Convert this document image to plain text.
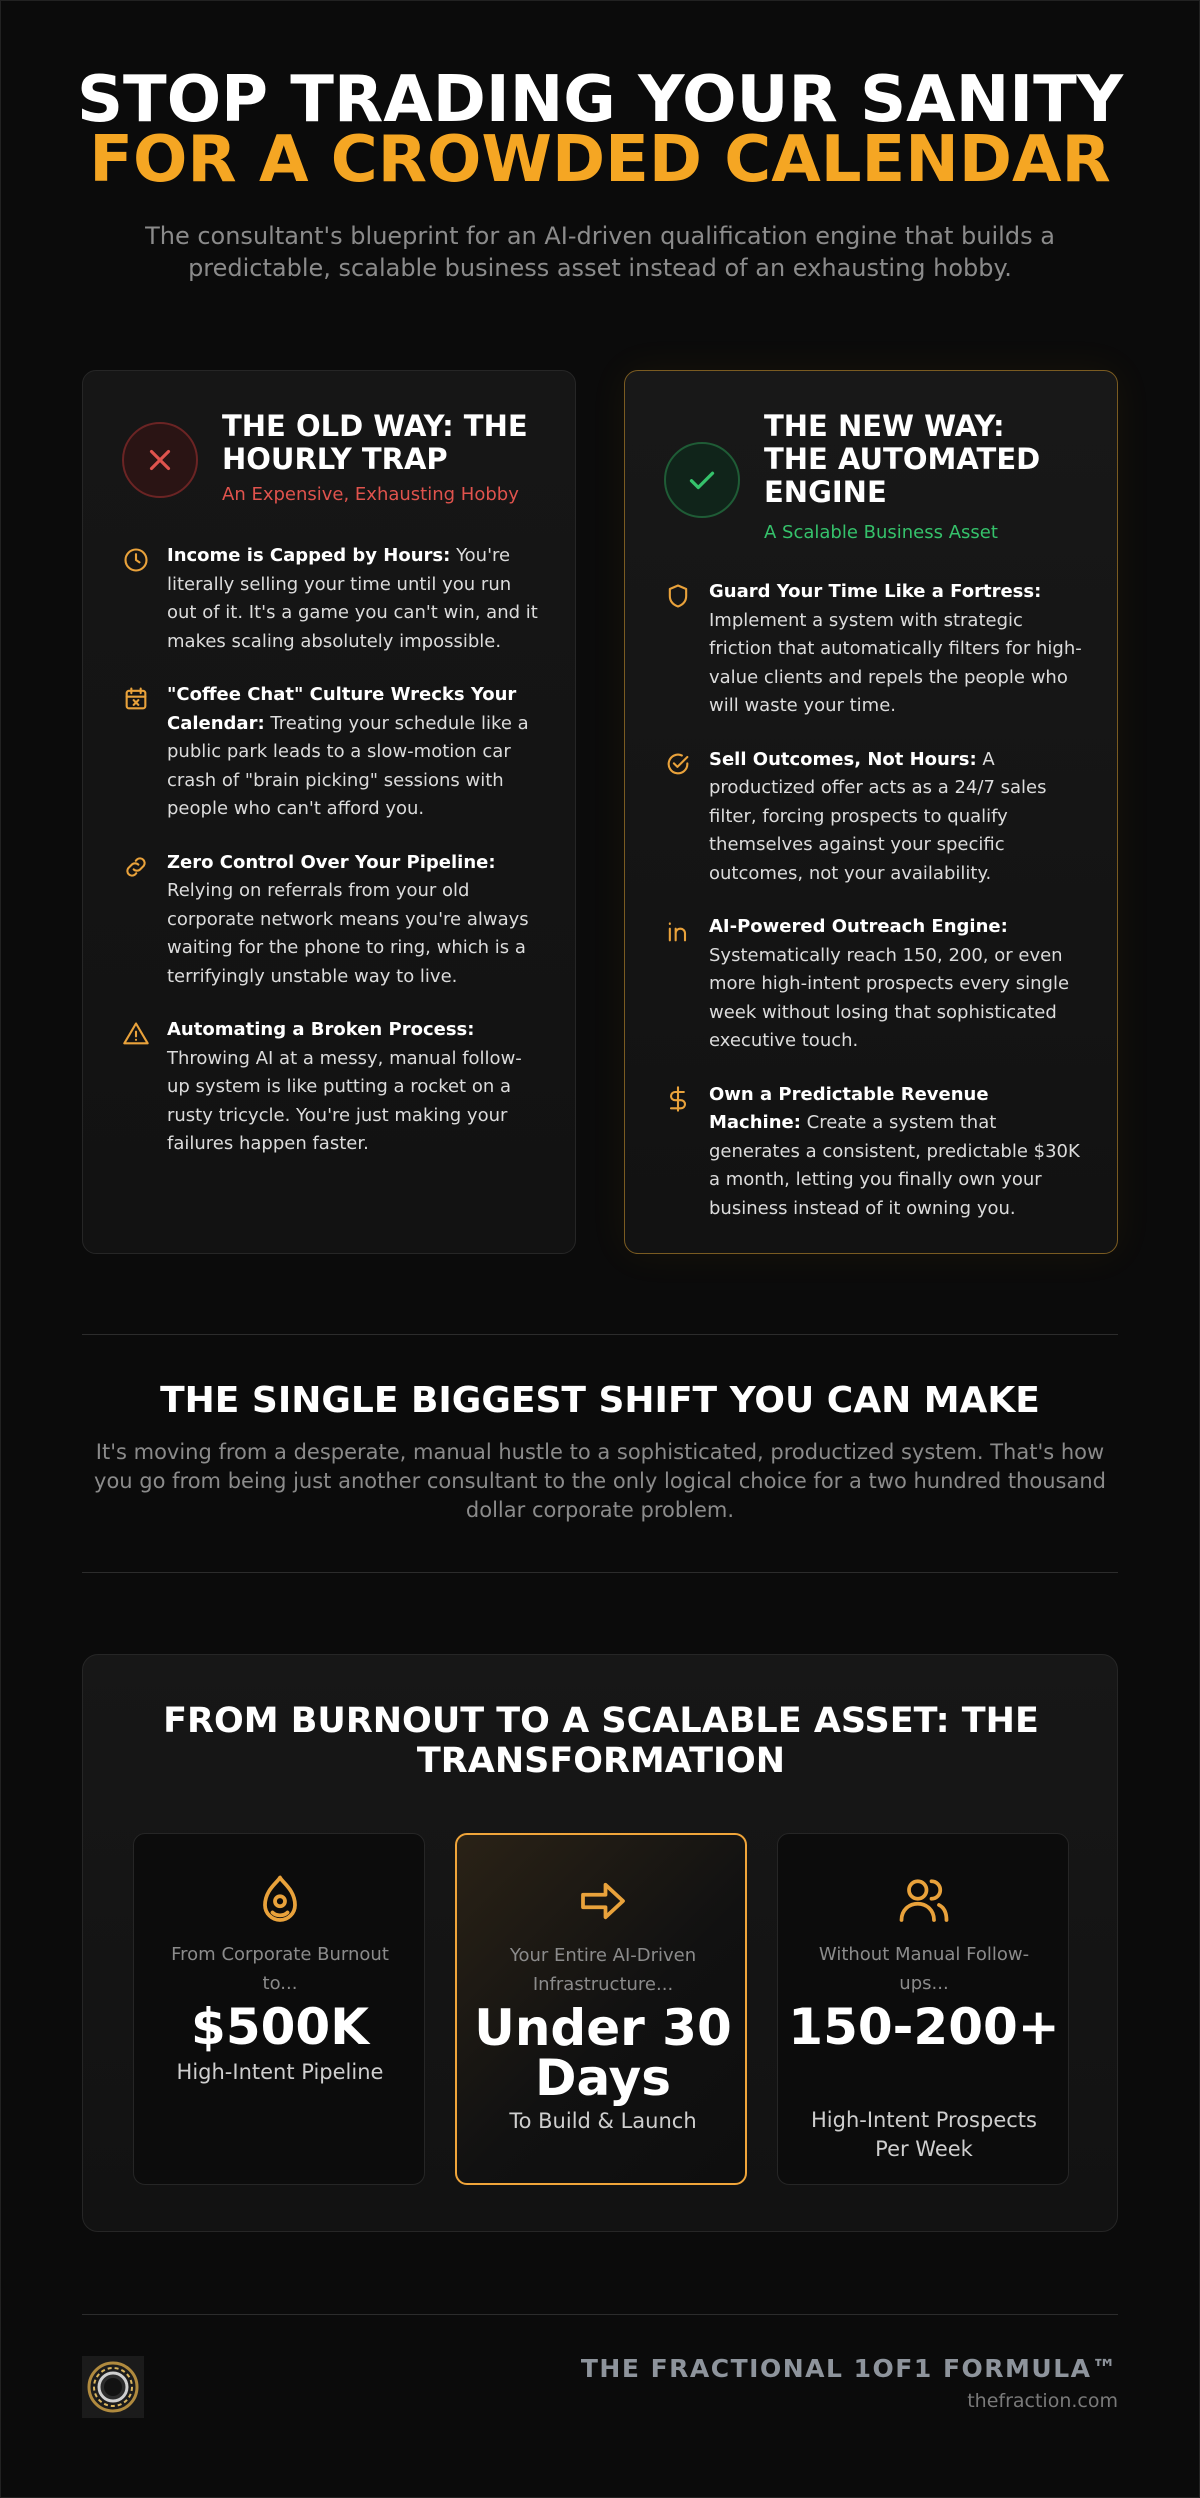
STOP TRADING YOUR SANITY
FOR A CROWDED CALENDAR

The consultant's blueprint for an AI-driven qualification engine that builds a predictable, scalable business asset instead of an exhausting hobby.

THE OLD WAY: THE HOURLY TRAP
An Expensive, Exhausting Hobby
Income is Capped by Hours: You're literally selling your time until you run out of it. It's a game you can't win, and it makes scaling absolutely impossible.
"Coffee Chat" Culture Wrecks Your Calendar: Treating your schedule like a public park leads to a slow-motion car crash of "brain picking" sessions with people who can't afford you.
Zero Control Over Your Pipeline: Relying on referrals from your old corporate network means you're always waiting for the phone to ring, which is a terrifyingly unstable way to live.
Automating a Broken Process: Throwing AI at a messy, manual follow-up system is like putting a rocket on a rusty tricycle. You're just making your failures happen faster.
THE NEW WAY: THE AUTOMATED ENGINE
A Scalable Business Asset
Guard Your Time Like a Fortress: Implement a system with strategic friction that automatically filters for high-value clients and repels the people who will waste your time.
Sell Outcomes, Not Hours: A productized offer acts as a 24/7 sales filter, forcing prospects to qualify themselves against your specific outcomes, not your availability.
AI-Powered Outreach Engine: Systematically reach 150, 200, or even more high-intent prospects every single week without losing that sophisticated executive touch.
Own a Predictable Revenue Machine: Create a system that generates a consistent, predictable $30K a month, letting you finally own your business instead of it owning you.
THE SINGLE BIGGEST SHIFT YOU CAN MAKE

It's moving from a desperate, manual hustle to a sophisticated, productized system. That's how you go from being just another consultant to the only logical choice for a two hundred thousand dollar corporate problem.

FROM BURNOUT TO A SCALABLE ASSET: THE TRANSFORMATION
From Corporate Burnout to...
$500K
High-Intent Pipeline
Your Entire AI-Driven Infrastructure...
Under 30 Days
To Build & Launch
Without Manual Follow-ups...
150-200+
High-Intent Prospects Per Week
THE FRACTIONAL 1OF1 FORMULA™
thefraction.com
